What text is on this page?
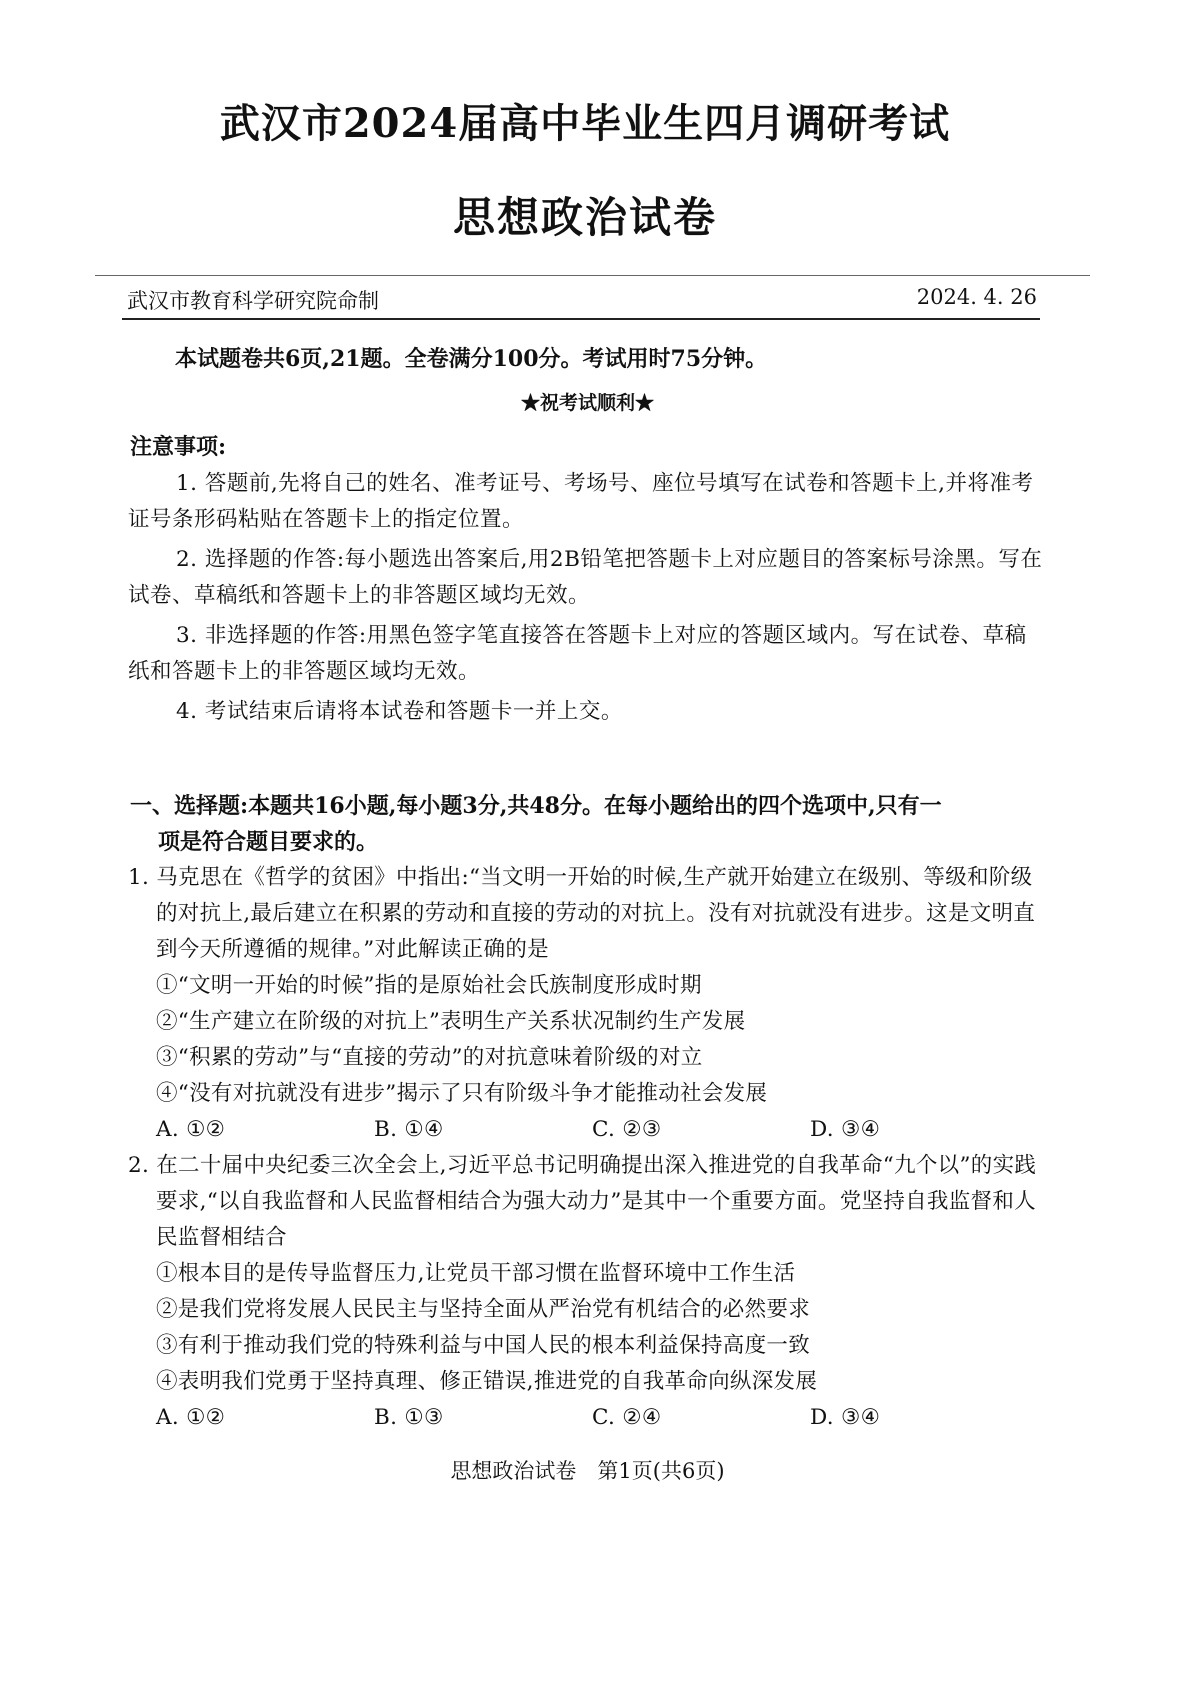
武汉市2024届高中毕业生四月调研考试
思想政治试卷
武汉市教育科学研究院命制	2024. 4. 26
本试题卷共6页,21题。全卷满分100分。考试用时75分钟。
★祝考试顺利★
注意事项:
1. 答题前,先将自己的姓名、准考证号、考场号、座位号填写在试卷和答题卡上,并将准考证号条形码粘贴在答题卡上的指定位置。
2. 选择题的作答:每小题选出答案后,用2B铅笔把答题卡上对应题目的答案标号涂黑。写在试卷、草稿纸和答题卡上的非答题区域均无效。
3. 非选择题的作答:用黑色签字笔直接答在答题卡上对应的答题区域内。写在试卷、草稿纸和答题卡上的非答题区域均无效。
4. 考试结束后请将本试卷和答题卡一并上交。
一、选择题:本题共16小题,每小题3分,共48分。在每小题给出的四个选项中,只有一
项是符合题目要求的。
1. 马克思在《哲学的贫困》中指出:“当文明一开始的时候,生产就开始建立在级别、等级和阶级的对抗上,最后建立在积累的劳动和直接的劳动的对抗上。没有对抗就没有进步。这是文明直到今天所遵循的规律。”对此解读正确的是
①“文明一开始的时候”指的是原始社会氏族制度形成时期
②“生产建立在阶级的对抗上”表明生产关系状况制约生产发展
③“积累的劳动”与“直接的劳动”的对抗意味着阶级的对立
④“没有对抗就没有进步”揭示了只有阶级斗争才能推动社会发展
A. ①②	B. ①④	C. ②③	D. ③④
2. 在二十届中央纪委三次全会上,习近平总书记明确提出深入推进党的自我革命“九个以”的实践要求,“以自我监督和人民监督相结合为强大动力”是其中一个重要方面。党坚持自我监督和人民监督相结合
①根本目的是传导监督压力,让党员干部习惯在监督环境中工作生活
②是我们党将发展人民民主与坚持全面从严治党有机结合的必然要求
③有利于推动我们党的特殊利益与中国人民的根本利益保持高度一致
④表明我们党勇于坚持真理、修正错误,推进党的自我革命向纵深发展
A. ①②	B. ①③	C. ②④	D. ③④
思想政治试卷　第1页(共6页)
